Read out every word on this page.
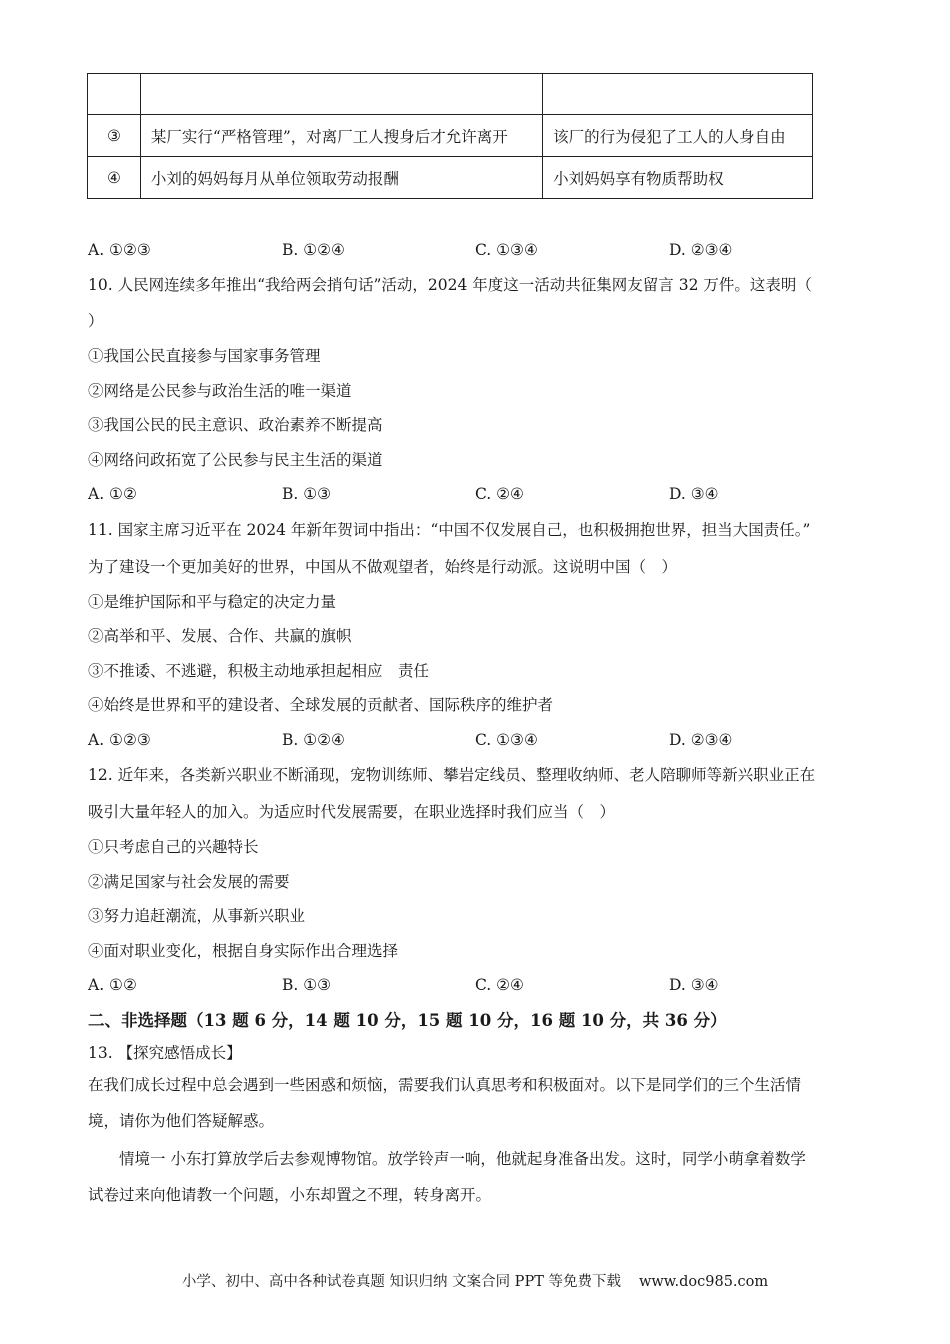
③	某厂实行“严格管理”，对离厂工人搜身后才允许离开	该厂的行为侵犯了工人的人身自由
④	小刘的妈妈每月从单位领取劳动报酬	小刘妈妈享有物质帮助权
A. ①②③	B. ①②④	C. ①③④	D. ②③④
10. 人民网连续多年推出“我给两会捎句话”活动，2024 年度这一活动共征集网友留言 32 万件。这表明（
）
①我国公民直接参与国家事务管理
②网络是公民参与政治生活的唯一渠道
③我国公民的民主意识、政治素养不断提高
④网络问政拓宽了公民参与民主生活的渠道
A. ①②	B. ①③	C. ②④	D. ③④
11. 国家主席习近平在 2024 年新年贺词中指出：“中国不仅发展自己，也积极拥抱世界，担当大国责任。”
为了建设一个更加美好的世界，中国从不做观望者，始终是行动派。这说明中国（　）
①是维护国际和平与稳定的决定力量
②高举和平、发展、合作、共赢的旗帜
③不推诿、不逃避，积极主动地承担起相应　责任
④始终是世界和平的建设者、全球发展的贡献者、国际秩序的维护者
A. ①②③	B. ①②④	C. ①③④	D. ②③④
12. 近年来，各类新兴职业不断涌现，宠物训练师、攀岩定线员、整理收纳师、老人陪聊师等新兴职业正在
吸引大量年轻人的加入。为适应时代发展需要，在职业选择时我们应当（　）
①只考虑自己的兴趣特长
②满足国家与社会发展的需要
③努力追赶潮流，从事新兴职业
④面对职业变化，根据自身实际作出合理选择
A. ①②	B. ①③	C. ②④	D. ③④
二、非选择题（13 题 6 分，14 题 10 分，15 题 10 分，16 题 10 分，共 36 分）
13. 【探究感悟成长】
在我们成长过程中总会遇到一些困惑和烦恼，需要我们认真思考和积极面对。以下是同学们的三个生活情
境，请你为他们答疑解惑。
　　情境一 小东打算放学后去参观博物馆。放学铃声一响，他就起身准备出发。这时，同学小萌拿着数学
试卷过来向他请教一个问题，小东却置之不理，转身离开。
小学、初中、高中各种试卷真题 知识归纳 文案合同 PPT 等免费下载 www.doc985.com
